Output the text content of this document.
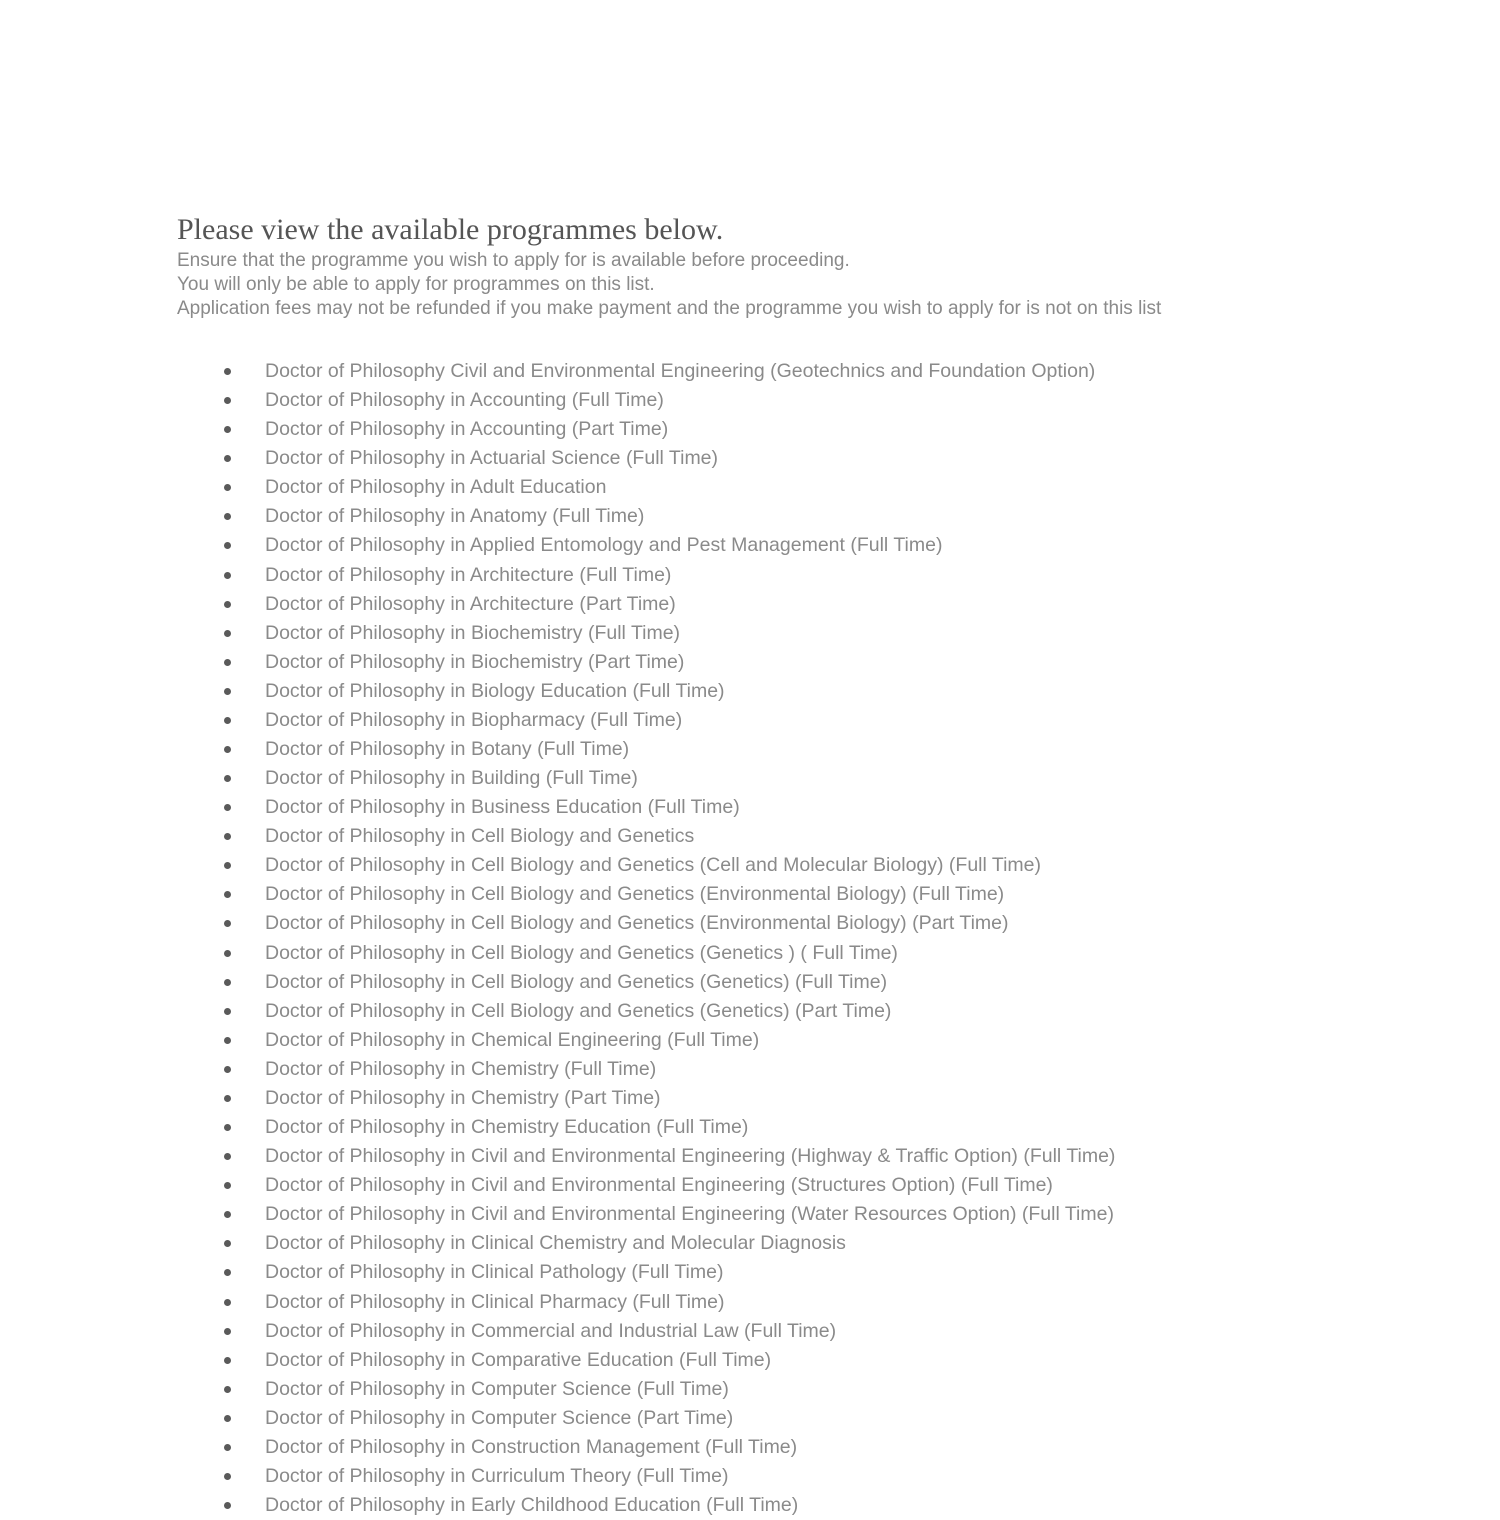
Please view the available programmes below.
Ensure that the programme you wish to apply for is available before proceeding.
You will only be able to apply for programmes on this list.
Application fees may not be refunded if you make payment and the programme you wish to apply for is not on this list
Doctor of Philosophy Civil and Environmental Engineering (Geotechnics and Foundation Option)
Doctor of Philosophy in Accounting (Full Time)
Doctor of Philosophy in Accounting (Part Time)
Doctor of Philosophy in Actuarial Science (Full Time)
Doctor of Philosophy in Adult Education
Doctor of Philosophy in Anatomy (Full Time)
Doctor of Philosophy in Applied Entomology and Pest Management (Full Time)
Doctor of Philosophy in Architecture (Full Time)
Doctor of Philosophy in Architecture (Part Time)
Doctor of Philosophy in Biochemistry (Full Time)
Doctor of Philosophy in Biochemistry (Part Time)
Doctor of Philosophy in Biology Education (Full Time)
Doctor of Philosophy in Biopharmacy (Full Time)
Doctor of Philosophy in Botany (Full Time)
Doctor of Philosophy in Building (Full Time)
Doctor of Philosophy in Business Education (Full Time)
Doctor of Philosophy in Cell Biology and Genetics
Doctor of Philosophy in Cell Biology and Genetics (Cell and Molecular Biology) (Full Time)
Doctor of Philosophy in Cell Biology and Genetics (Environmental Biology) (Full Time)
Doctor of Philosophy in Cell Biology and Genetics (Environmental Biology) (Part Time)
Doctor of Philosophy in Cell Biology and Genetics (Genetics ) ( Full Time)
Doctor of Philosophy in Cell Biology and Genetics (Genetics) (Full Time)
Doctor of Philosophy in Cell Biology and Genetics (Genetics) (Part Time)
Doctor of Philosophy in Chemical Engineering (Full Time)
Doctor of Philosophy in Chemistry (Full Time)
Doctor of Philosophy in Chemistry (Part Time)
Doctor of Philosophy in Chemistry Education (Full Time)
Doctor of Philosophy in Civil and Environmental Engineering (Highway & Traffic Option) (Full Time)
Doctor of Philosophy in Civil and Environmental Engineering (Structures Option) (Full Time)
Doctor of Philosophy in Civil and Environmental Engineering (Water Resources Option) (Full Time)
Doctor of Philosophy in Clinical Chemistry and Molecular Diagnosis
Doctor of Philosophy in Clinical Pathology (Full Time)
Doctor of Philosophy in Clinical Pharmacy (Full Time)
Doctor of Philosophy in Commercial and Industrial Law (Full Time)
Doctor of Philosophy in Comparative Education (Full Time)
Doctor of Philosophy in Computer Science (Full Time)
Doctor of Philosophy in Computer Science (Part Time)
Doctor of Philosophy in Construction Management (Full Time)
Doctor of Philosophy in Curriculum Theory (Full Time)
Doctor of Philosophy in Early Childhood Education (Full Time)
